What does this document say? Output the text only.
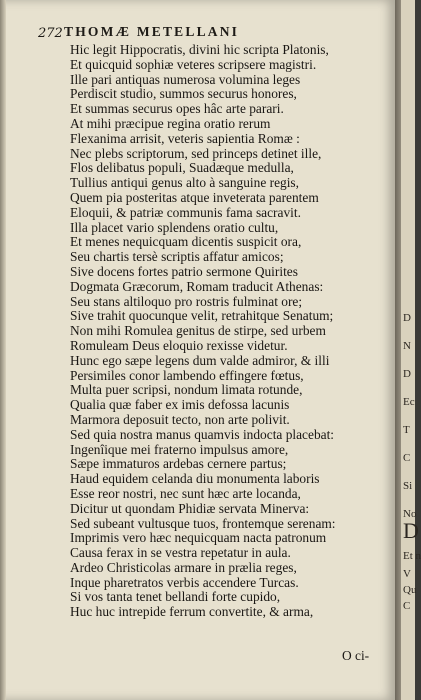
272 THOMÆ METELLANI
Hic legit Hippocratis, divini hic scripta Platonis,
Et quicquid sophiæ veteres scripsere magistri.
Ille pari antiquas numerosa volumina leges
Perdiscit studio, summos securus honores,
Et summas securus opes hâc arte parari.
At mihi præcipue regina oratio rerum
Flexanima arrisit, veteris sapientia Romæ :
Nec plebs scriptorum, sed princeps detinet ille,
Flos delibatus populi, Suadæque medulla,
Tullius antiqui genus alto à sanguine regis,
Quem pia posteritas atque inveterata parentem
Eloquii, & patriæ communis fama sacravit.
Illa placet vario splendens oratio cultu,
Et menes nequicquam dicentis suspicit ora,
Seu chartis tersè scriptis affatur amicos;
Sive docens fortes patrio sermone Quirites
Dogmata Græcorum, Romam traducit Athenas:
Seu stans altiloquo pro rostris fulminat ore;
Sive trahit quocunque velit, retrahitque Senatum;
Non mihi Romulea genitus de stirpe, sed urbem
Romuleam Deus eloquio rexisse videtur.
Hunc ego sæpe legens dum valde admiror, & illi
Persimiles conor lambendo effingere fœtus,
Multa puer scripsi, nondum limata rotunde,
Qualia quæ faber ex imis defossa lacunis
Marmora deposuit tecto, non arte polivit.
Sed quia nostra manus quamvis indocta placebat:
Ingenîique mei fraterno impulsus amore,
Sæpe immaturos ardebas cernere partus;
Haud equidem celanda diu monumenta laboris
Esse reor nostri, nec sunt hæc arte locanda,
Dicitur ut quondam Phidiæ servata Minerva:
Sed subeant vultusque tuos, frontemque serenam:
Imprimis vero hæc nequicquam nacta patronum
Causa ferax in se vestra repetatur in aula.
Ardeo Christicolas armare in prælia reges,
Inque pharetratos verbis accendere Turcas.
Si vos tanta tenet bellandi forte cupido,
Huc huc intrepide ferrum convertite, & arma,
O ci-
D
N
D
Ec
T
C
Si
No
D
Et n
V
Qu
C
